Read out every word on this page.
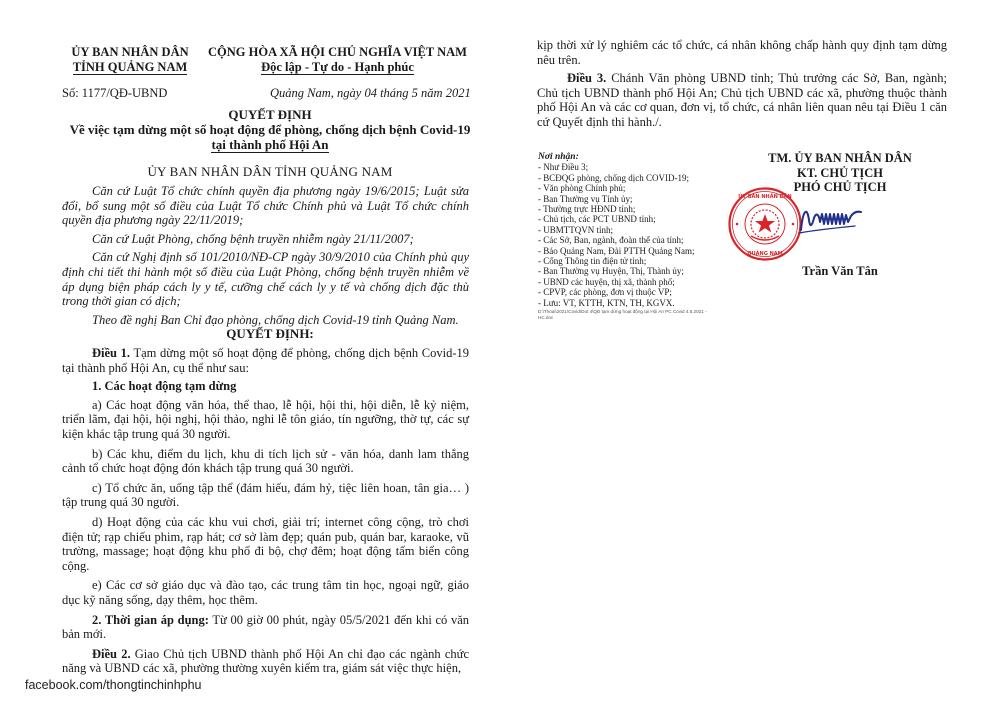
ỦY BAN NHÂN DÂN
TỈNH QUẢNG NAM
CỘNG HÒA XÃ HỘI CHỦ NGHĨA VIỆT NAM
Độc lập - Tự do - Hạnh phúc
Số: 1177/QĐ-UBND	Quảng Nam, ngày 04 tháng 5 năm 2021
QUYẾT ĐỊNH
Về việc tạm dừng một số hoạt động để phòng, chống dịch bệnh Covid-19
tại thành phố Hội An
ỦY BAN NHÂN DÂN TỈNH QUẢNG NAM
Căn cứ Luật Tổ chức chính quyền địa phương ngày 19/6/2015; Luật sửa đổi, bổ sung một số điều của Luật Tổ chức Chính phủ và Luật Tổ chức chính quyền địa phương ngày 22/11/2019;
Căn cứ Luật Phòng, chống bệnh truyền nhiễm ngày 21/11/2007;
Căn cứ Nghị định số 101/2010/NĐ-CP ngày 30/9/2010 của Chính phủ quy định chi tiết thi hành một số điều của Luật Phòng, chống bệnh truyền nhiễm về áp dụng biện pháp cách ly y tế, cưỡng chế cách ly y tế và chống dịch đặc thù trong thời gian có dịch;
Theo đề nghị Ban Chỉ đạo phòng, chống dịch Covid-19 tỉnh Quảng Nam.
QUYẾT ĐỊNH:
Điều 1. Tạm dừng một số hoạt động để phòng, chống dịch bệnh Covid-19 tại thành phố Hội An, cụ thể như sau:
1. Các hoạt động tạm dừng
a) Các hoạt động văn hóa, thể thao, lễ hội, hội thi, hội diễn, lễ kỷ niệm, triển lãm, đại hội, hội nghị, hội thảo, nghi lễ tôn giáo, tín ngưỡng, thờ tự, các sự kiện khác tập trung quá 30 người.
b) Các khu, điểm du lịch, khu di tích lịch sử - văn hóa, danh lam thắng cảnh tổ chức hoạt động đón khách tập trung quá 30 người.
c) Tổ chức ăn, uống tập thể (đám hiếu, đám hỷ, tiệc liên hoan, tân gia… ) tập trung quá 30 người.
d) Hoạt động của các khu vui chơi, giải trí; internet công cộng, trò chơi điện tử; rạp chiếu phim, rạp hát; cơ sở làm đẹp; quán pub, quán bar, karaoke, vũ trường, massage; hoạt động khu phố đi bộ, chợ đêm; hoạt động tấm biển công cộng.
e) Các cơ sở giáo dục và đào tạo, các trung tâm tin học, ngoại ngữ, giáo dục kỹ năng sống, dạy thêm, học thêm.
2. Thời gian áp dụng: Từ 00 giờ 00 phút, ngày 05/5/2021 đến khi có văn bản mới.
Điều 2. Giao Chủ tịch UBND thành phố Hội An chỉ đạo các ngành chức năng và UBND các xã, phường thường xuyên kiểm tra, giám sát việc thực hiện,
kịp thời xử lý nghiêm các tổ chức, cá nhân không chấp hành quy định tạm dừng nêu trên.
Điều 3. Chánh Văn phòng UBND tỉnh; Thủ trưởng các Sở, Ban, ngành; Chủ tịch UBND thành phố Hội An; Chủ tịch UBND các xã, phường thuộc thành phố Hội An và các cơ quan, đơn vị, tổ chức, cá nhân liên quan nêu tại Điều 1 căn cứ Quyết định thi hành./.
Nơi nhận:
- Như Điều 3;
- BCĐQG phòng, chống dịch COVID-19;
- Văn phòng Chính phủ;
- Ban Thường vụ Tỉnh ủy;
- Thường trực HĐND tỉnh;
- Chủ tịch, các PCT UBND tỉnh;
- UBMTTQVN tỉnh;
- Các Sở, Ban, ngành, đoàn thể của tỉnh;
- Báo Quảng Nam, Đài PTTH Quảng Nam;
- Cổng Thông tin điện tử tỉnh;
- Ban Thường vụ Huyện, Thị, Thành ủy;
- UBND các huyện, thị xã, thành phố;
- CPVP, các phòng, đơn vị thuộc VP;
- Lưu: VT, KTTH, KTN, TH, KGVX.
D:\Thoai\2021\Covid\Dot 4\QĐ tạm dừng hoạt động tại Hội An PC Covid 4.5.2021 - HC.doc
TM. ỦY BAN NHÂN DÂN
KT. CHỦ TỊCH
PHÓ CHỦ TỊCH
ỦY BAN NHÂN DÂN
QUẢNG NAM
Trần Văn Tân
facebook.com/thongtinchinhphu
